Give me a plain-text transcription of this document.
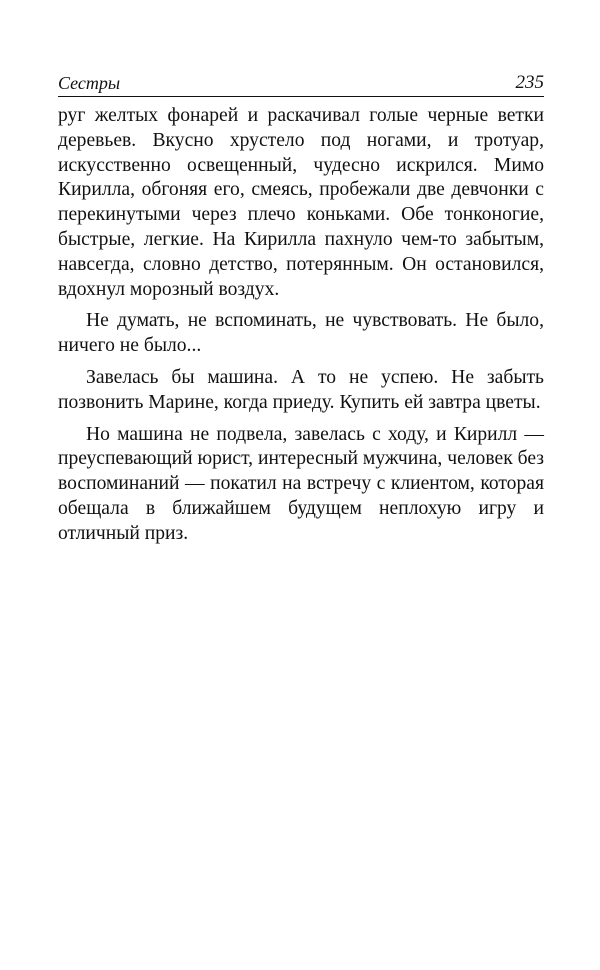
Сестры	235

руг желтых фонарей и раскачивал голые черные ветки деревьев. Вкусно хрустело под ногами, и тротуар, искусственно освещенный, чудесно искрился. Мимо Кирилла, обгоняя его, смеясь, пробежали две девчонки с перекинутыми через плечо коньками. Обе тонконогие, быстрые, легкие. На Кирилла пахнуло чем-то забытым, навсегда, словно детство, потерянным. Он остановился, вдохнул морозный воздух.

Не думать, не вспоминать, не чувствовать. Не было, ничего не было...

Завелась бы машина. А то не успею. Не забыть позвонить Марине, когда приеду. Купить ей завтра цветы.

Но машина не подвела, завелась с ходу, и Кирилл — преуспевающий юрист, интересный мужчина, человек без воспоминаний — покатил на встречу с клиентом, которая обещала в ближайшем будущем неплохую игру и отличный приз.
